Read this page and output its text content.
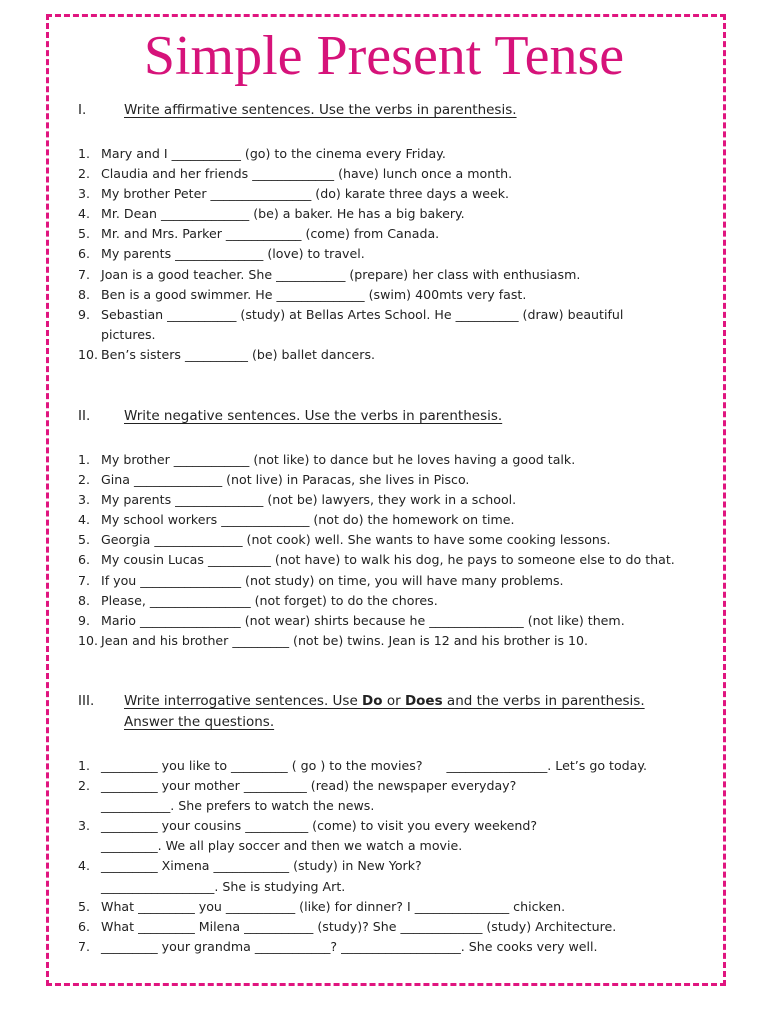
Simple Present Tense
I.	Write affirmative sentences. Use the verbs in parenthesis.
1. Mary and I ___________ (go) to the cinema every Friday.
2. Claudia and her friends _____________ (have) lunch once a month.
3. My brother Peter ________________ (do) karate three days a week.
4. Mr. Dean ______________ (be) a baker. He has a big bakery.
5. Mr. and Mrs. Parker ____________ (come) from Canada.
6. My parents ______________ (love) to travel.
7. Joan is a good teacher. She ___________ (prepare) her class with enthusiasm.
8. Ben is a good swimmer. He ______________ (swim) 400mts very fast.
9. Sebastian ___________ (study) at Bellas Artes School. He __________ (draw) beautiful
pictures.
10. Ben’s sisters __________ (be) ballet dancers.
II.	Write negative sentences. Use the verbs in parenthesis.
1. My brother ____________ (not like) to dance but he loves having a good talk.
2. Gina ______________ (not live) in Paracas, she lives in Pisco.
3. My parents ______________ (not be) lawyers, they work in a school.
4. My school workers ______________ (not do) the homework on time.
5. Georgia ______________ (not cook) well. She wants to have some cooking lessons.
6. My cousin Lucas __________ (not have) to walk his dog, he pays to someone else to do that.
7. If you ________________ (not study) on time, you will have many problems.
8. Please, ________________ (not forget) to do the chores.
9. Mario ________________ (not wear) shirts because he _______________ (not like) them.
10. Jean and his brother _________ (not be) twins. Jean is 12 and his brother is 10.
III.	Write interrogative sentences. Use Do or Does and the verbs in parenthesis.
Answer the questions.
1. _________ you like to _________ ( go ) to the movies?      ________________. Let’s go today.
2. _________ your mother __________ (read) the newspaper everyday?
___________. She prefers to watch the news.
3. _________ your cousins __________ (come) to visit you every weekend?
_________. We all play soccer and then we watch a movie.
4. _________ Ximena ____________ (study) in New York?
__________________. She is studying Art.
5. What _________ you ___________ (like) for dinner? I _______________ chicken.
6. What _________ Milena ___________ (study)? She _____________ (study) Architecture.
7. _________ your grandma ____________? ___________________. She cooks very well.
